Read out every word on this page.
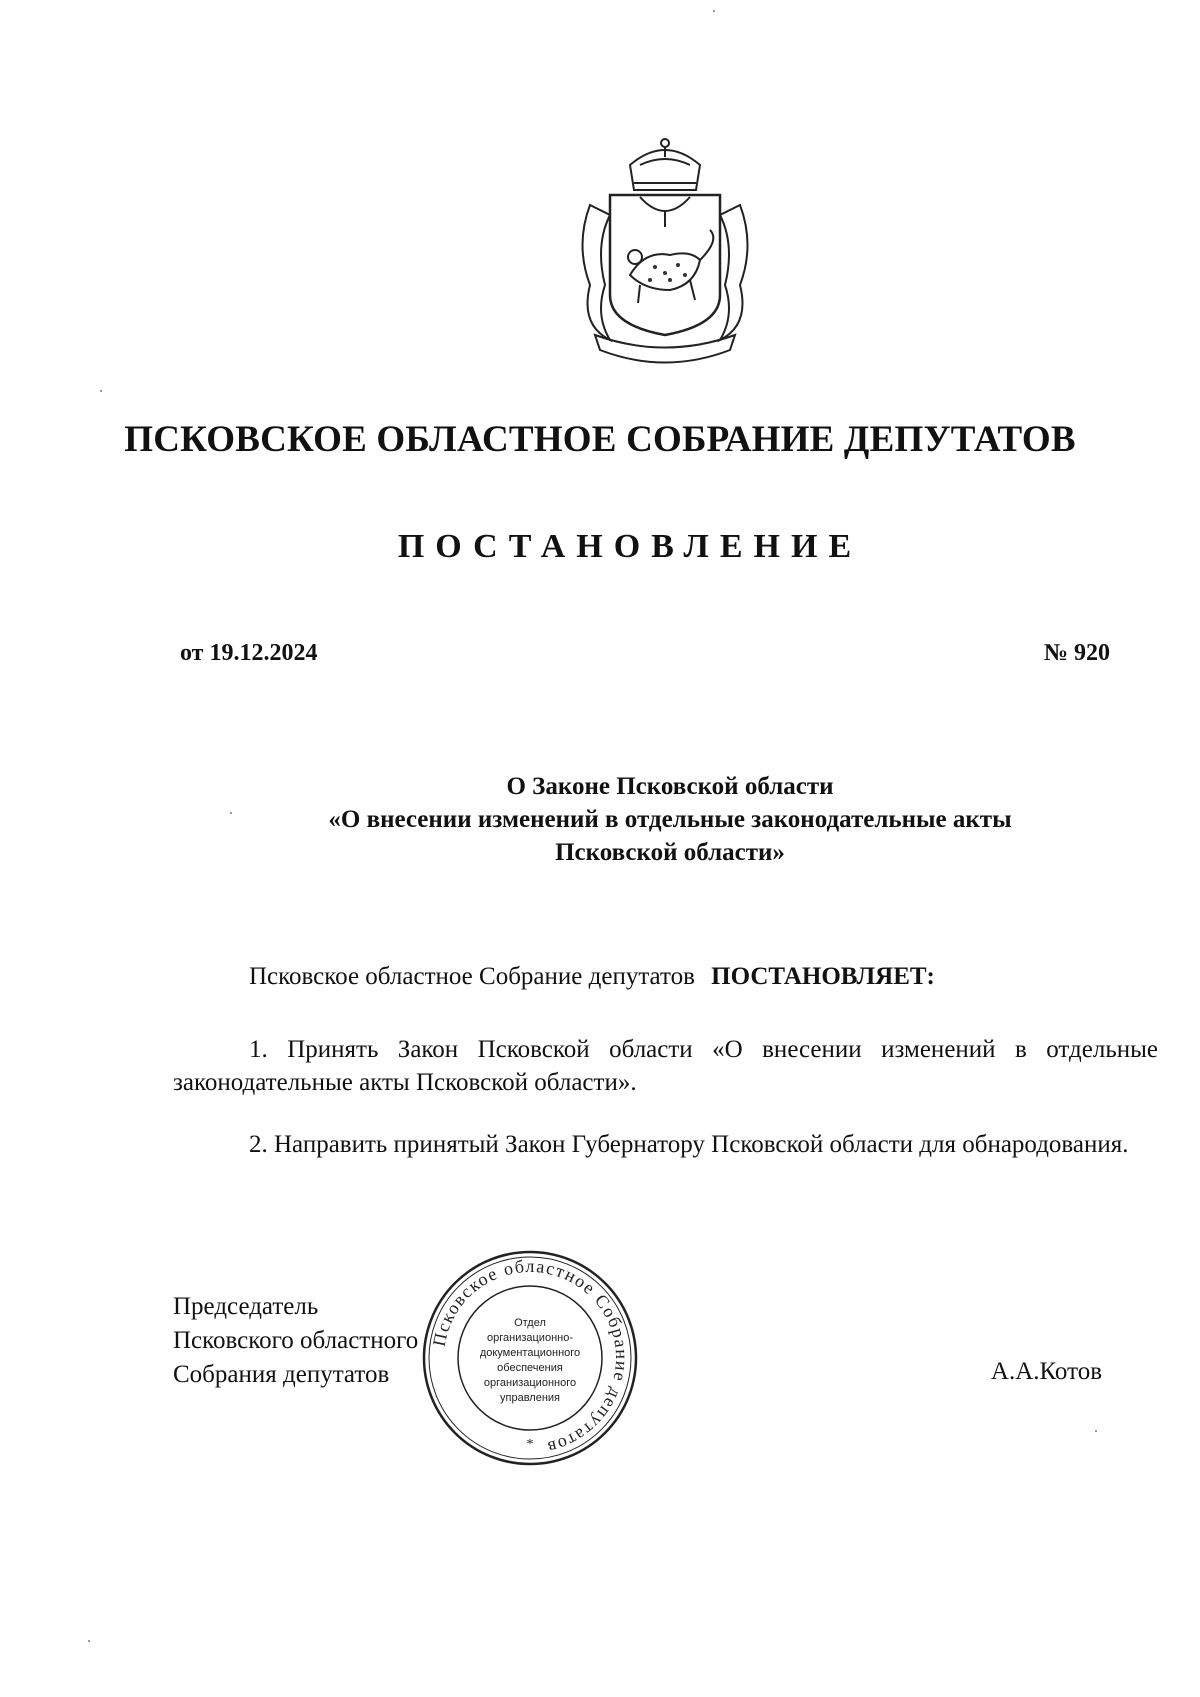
ПСКОВСКОЕ ОБЛАСТНОЕ СОБРАНИЕ ДЕПУТАТОВ
ПОСТАНОВЛЕНИЕ
от 19.12.2024	№ 920
О Законе Псковской области
«О внесении изменений в отдельные законодательные акты
Псковской области»
Псковское областное Собрание депутатов ПОСТАНОВЛЯЕТ:

1. Принять Закон Псковской области «О внесении изменений в отдельные законодательные акты Псковской области».

2. Направить принятый Закон Губернатору Псковской области для обнародования.

Председатель
Псковского областного
Собрания депутатов	А.А.Котов
Псковское областное Собрание депутатов
Отдел
организационно-
документационного
обеспечения
организационного
управления
*
